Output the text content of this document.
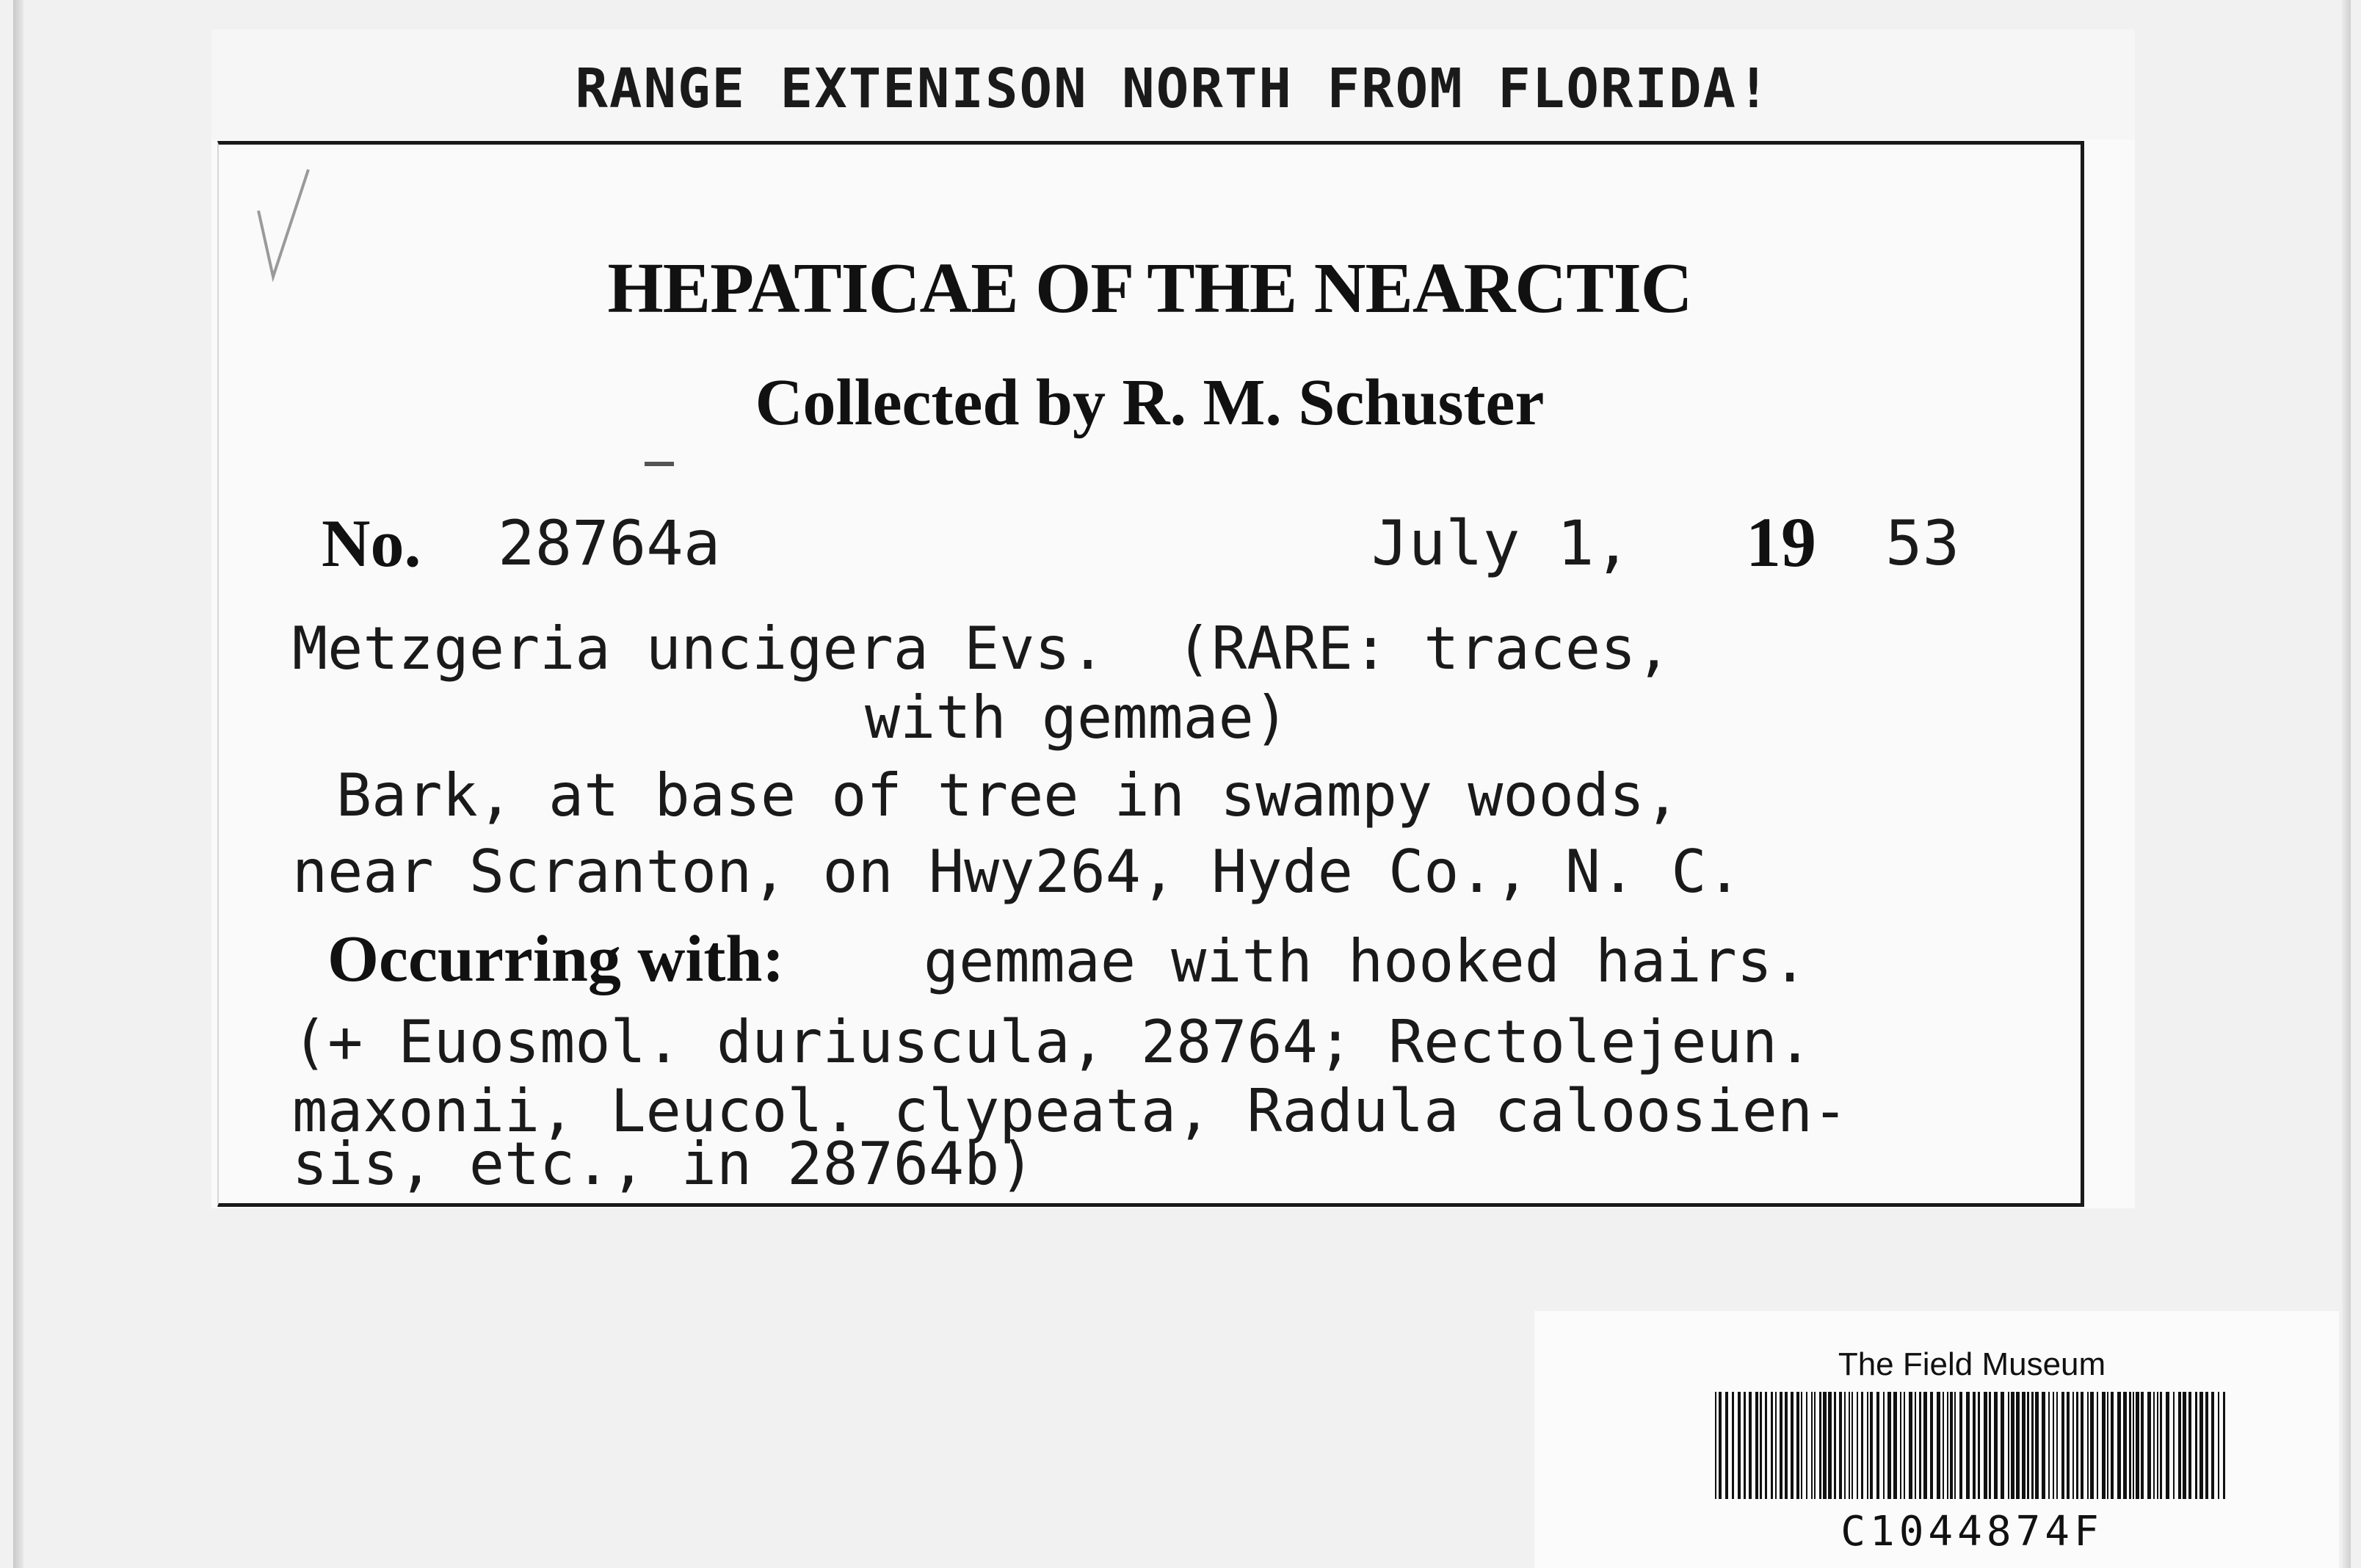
RANGE EXTENISON NORTH FROM FLORIDA!
HEPATICAE OF THE NEARCTIC
Collected by R. M. Schuster
No. 28764a	July 1, 19 53
Metzgeria uncigera Evs.  (RARE: traces,
with gemmae)
Bark, at base of tree in swampy woods,
near Scranton, on Hwy264, Hyde Co., N. C.
Occurring with: gemmae with hooked hairs.
(+ Euosmol. duriuscula, 28764; Rectolejeun.
maxonii, Leucol. clypeata, Radula caloosien-
sis, etc., in 28764b)
The Field Museum
C1044874F
